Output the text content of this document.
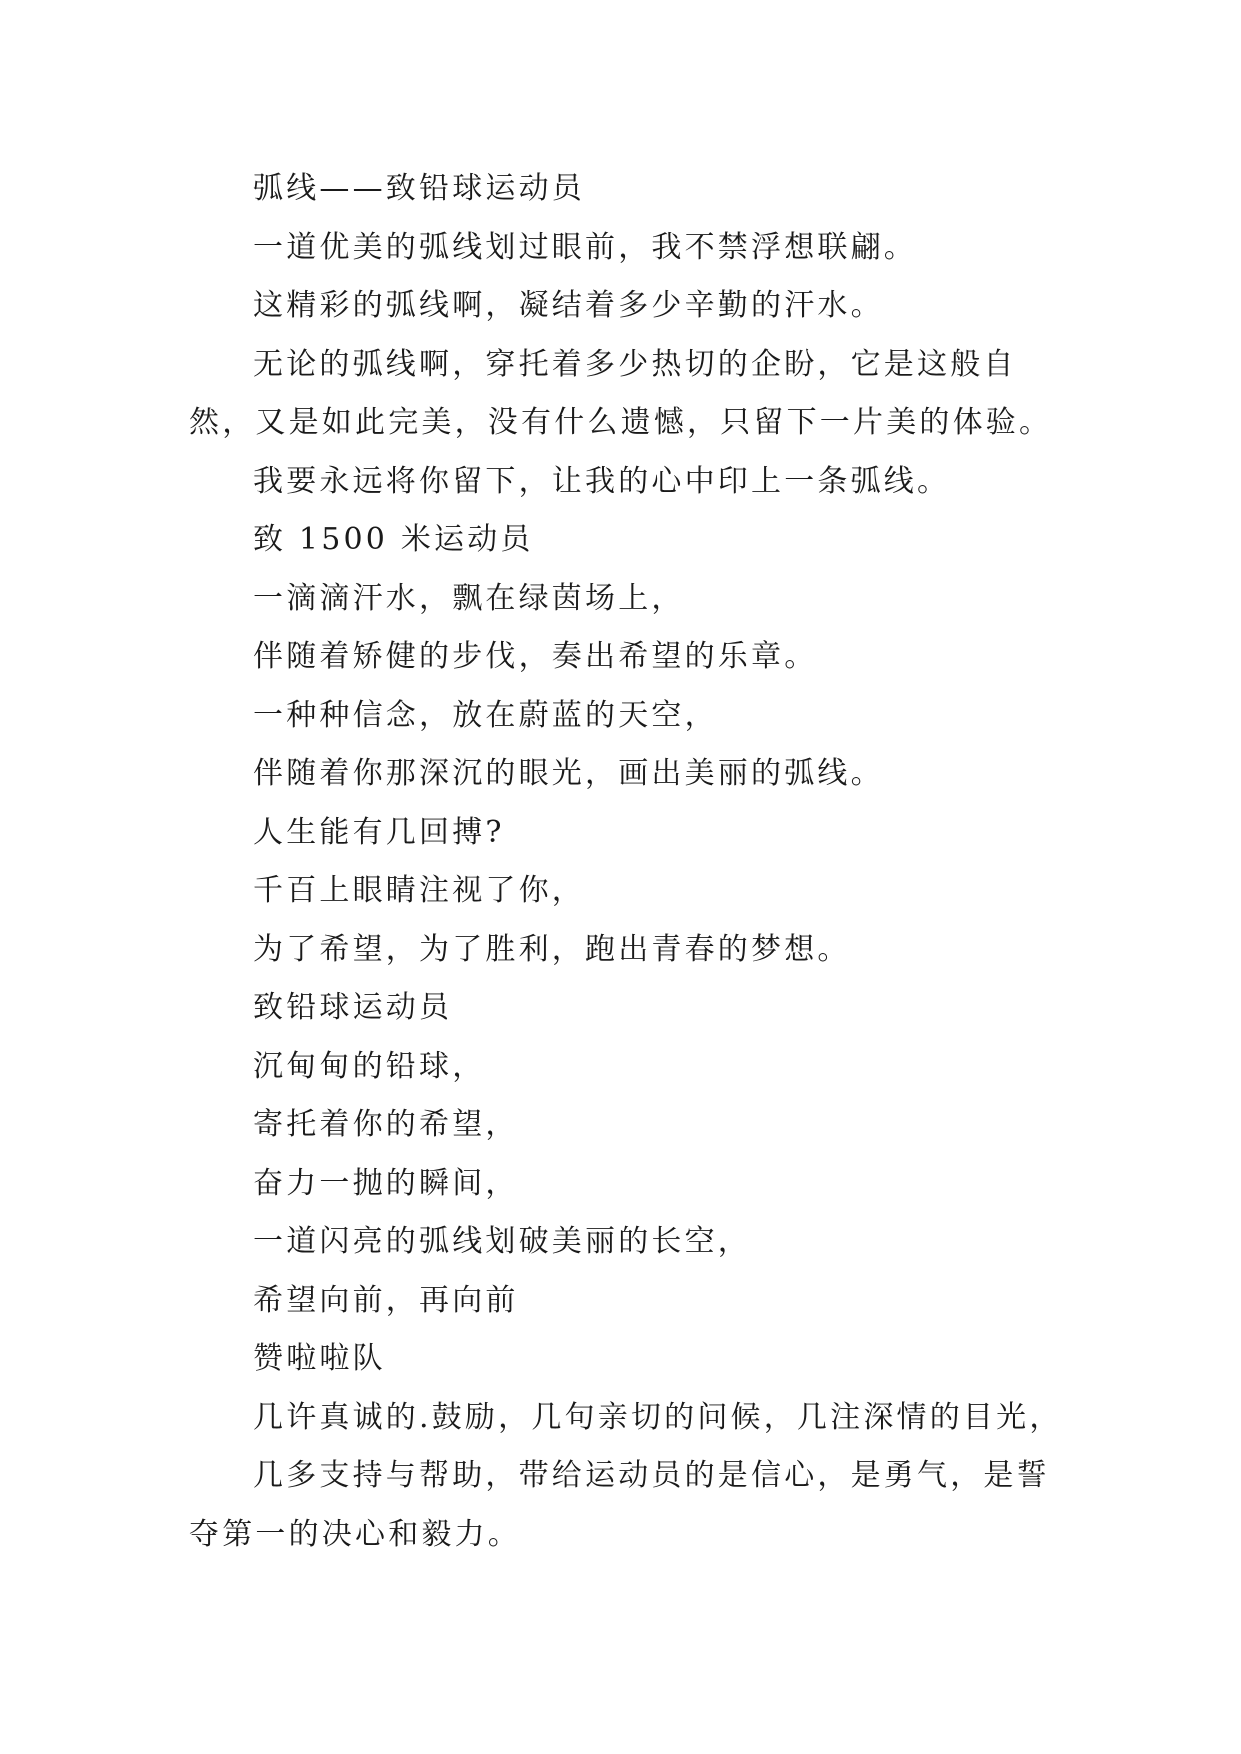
弧线——致铅球运动员

一道优美的弧线划过眼前，我不禁浮想联翩。

这精彩的弧线啊，凝结着多少辛勤的汗水。

无论的弧线啊，穿托着多少热切的企盼，它是这般自然，又是如此完美，没有什么遗憾，只留下一片美的体验。

我要永远将你留下，让我的心中印上一条弧线。

致 1500 米运动员

一滴滴汗水，飘在绿茵场上，

伴随着矫健的步伐，奏出希望的乐章。

一种种信念，放在蔚蓝的天空，

伴随着你那深沉的眼光，画出美丽的弧线。

人生能有几回搏?

千百上眼睛注视了你，

为了希望，为了胜利，跑出青春的梦想。

致铅球运动员

沉甸甸的铅球，

寄托着你的希望，

奋力一抛的瞬间，

一道闪亮的弧线划破美丽的长空，

希望向前，再向前

赞啦啦队

几许真诚的.鼓励，几句亲切的问候，几注深情的目光，

几多支持与帮助，带给运动员的是信心，是勇气，是誓夺第一的决心和毅力。
